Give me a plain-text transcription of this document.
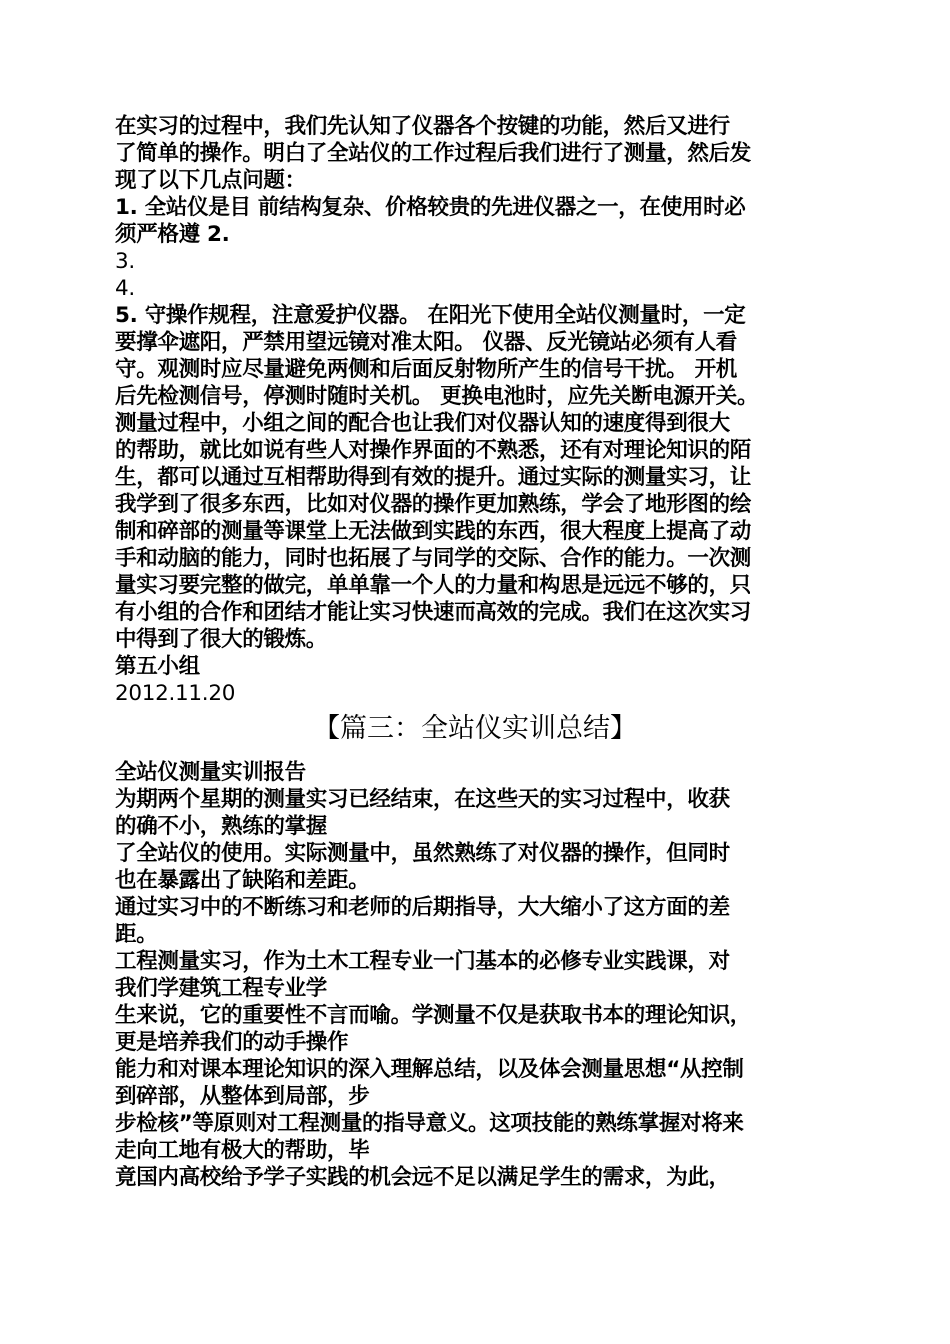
在实习的过程中，我们先认知了仪器各个按键的功能，然后又进行
了简单的操作。明白了全站仪的工作过程后我们进行了测量，然后发
现了以下几点问题：
1. 全站仪是目 前结构复杂、价格较贵的先进仪器之一，在使用时必
须严格遵 2.
3.
4.
5. 守操作规程，注意爱护仪器。 在阳光下使用全站仪测量时，一定
要撑伞遮阳，严禁用望远镜对准太阳。 仪器、反光镜站必须有人看
守。观测时应尽量避免两侧和后面反射物所产生的信号干扰。 开机
后先检测信号，停测时随时关机。 更换电池时，应先关断电源开关。
测量过程中，小组之间的配合也让我们对仪器认知的速度得到很大
的帮助，就比如说有些人对操作界面的不熟悉，还有对理论知识的陌
生，都可以通过互相帮助得到有效的提升。通过实际的测量实习，让
我学到了很多东西，比如对仪器的操作更加熟练，学会了地形图的绘
制和碎部的测量等课堂上无法做到实践的东西，很大程度上提高了动
手和动脑的能力，同时也拓展了与同学的交际、合作的能力。一次测
量实习要完整的做完，单单靠一个人的力量和构思是远远不够的，只
有小组的合作和团结才能让实习快速而高效的完成。我们在这次实习
中得到了很大的锻炼。
第五小组
2012.11.20
【篇三：全站仪实训总结】
全站仪测量实训报告
为期两个星期的测量实习已经结束，在这些天的实习过程中，收获
的确不小，熟练的掌握
了全站仪的使用。实际测量中，虽然熟练了对仪器的操作，但同时
也在暴露出了缺陷和差距。
通过实习中的不断练习和老师的后期指导，大大缩小了这方面的差
距。
工程测量实习，作为土木工程专业一门基本的必修专业实践课，对
我们学建筑工程专业学
生来说，它的重要性不言而喻。学测量不仅是获取书本的理论知识，
更是培养我们的动手操作
能力和对课本理论知识的深入理解总结，以及体会测量思想“从控制
到碎部，从整体到局部，步
步检核”等原则对工程测量的指导意义。这项技能的熟练掌握对将来
走向工地有极大的帮助，毕
竟国内高校给予学子实践的机会远不足以满足学生的需求，为此，
